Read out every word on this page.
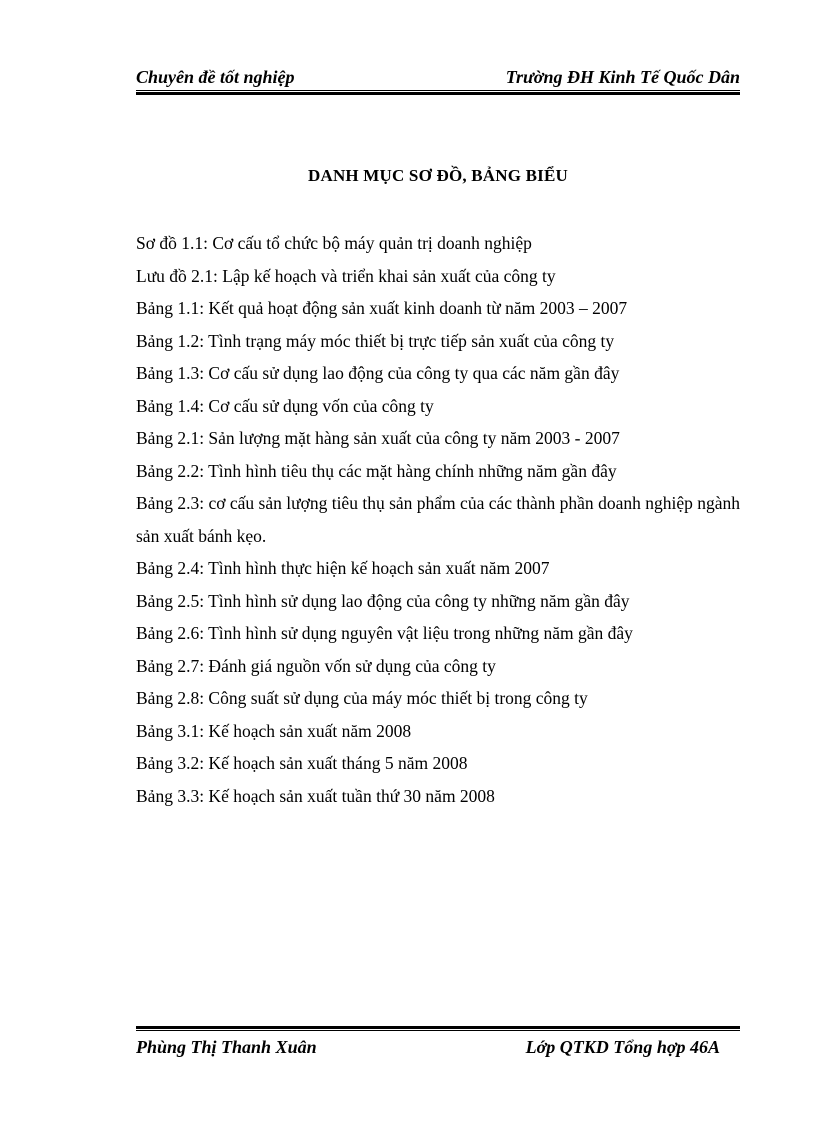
Chuyên đề tốt nghiệp	Trường ĐH Kinh Tế Quốc Dân
DANH MỤC SƠ ĐỒ, BẢNG BIỂU
Sơ đồ 1.1: Cơ cấu tổ chức bộ máy quản trị doanh nghiệp
Lưu đồ 2.1: Lập kế hoạch và triển khai sản xuất của công ty
Bảng 1.1: Kết quả hoạt động sản xuất kinh doanh từ năm 2003 – 2007
Bảng 1.2: Tình trạng máy móc thiết bị trực tiếp sản xuất của công ty
Bảng 1.3: Cơ cấu sử dụng lao động của công ty qua các năm gần đây
Bảng 1.4: Cơ cấu sử dụng vốn của công ty
Bảng 2.1: Sản lượng mặt hàng sản xuất của công ty năm 2003 - 2007
Bảng 2.2: Tình hình tiêu thụ các mặt hàng chính những năm gần đây
Bảng 2.3: cơ cấu sản lượng tiêu thụ sản phẩm của các thành phần doanh nghiệp ngành sản xuất bánh kẹo.
Bảng 2.4: Tình hình thực hiện kế hoạch sản xuất năm 2007
Bảng 2.5: Tình hình sử dụng lao động của công ty những năm gần đây
Bảng 2.6: Tình hình sử dụng nguyên vật liệu trong những năm gần đây
Bảng 2.7: Đánh giá nguồn vốn sử dụng của công ty
Bảng 2.8: Công suất sử dụng của máy móc thiết bị trong công ty
Bảng 3.1: Kế hoạch sản xuất năm 2008
Bảng 3.2: Kế hoạch sản xuất tháng 5 năm 2008
Bảng 3.3: Kế hoạch sản xuất tuần thứ 30 năm 2008
Phùng Thị Thanh Xuân	Lớp QTKD Tổng hợp 46A
